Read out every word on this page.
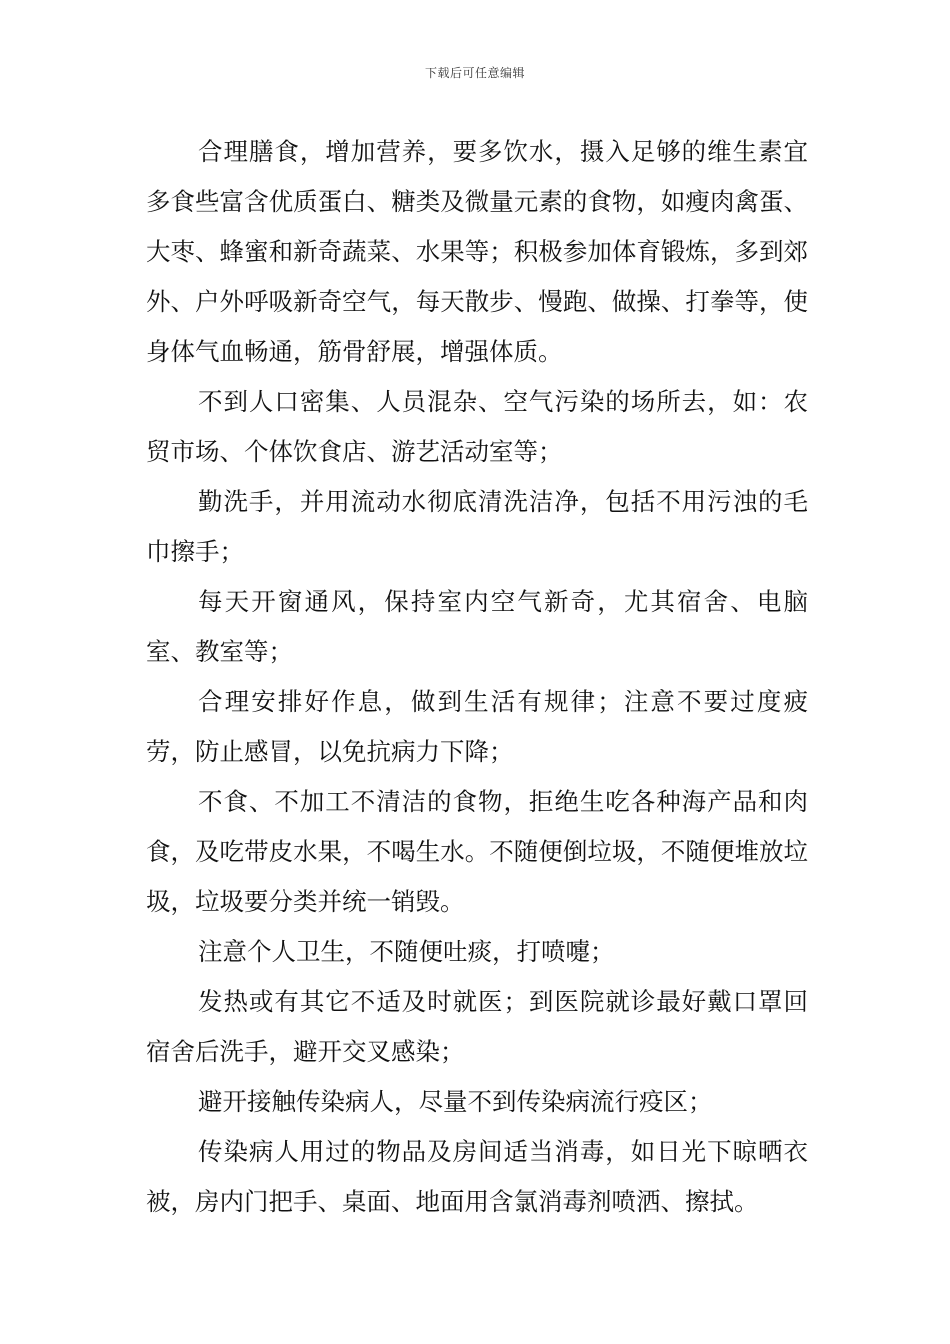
下载后可任意编辑

合理膳食，增加营养，要多饮水，摄入足够的维生素宜多食些富含优质蛋白、糖类及微量元素的食物，如瘦肉禽蛋、大枣、蜂蜜和新奇蔬菜、水果等；积极参加体育锻炼，多到郊外、户外呼吸新奇空气，每天散步、慢跑、做操、打拳等，使身体气血畅通，筋骨舒展，增强体质。

不到人口密集、人员混杂、空气污染的场所去，如：农贸市场、个体饮食店、游艺活动室等；

勤洗手，并用流动水彻底清洗洁净，包括不用污浊的毛巾擦手；

每天开窗通风，保持室内空气新奇，尤其宿舍、电脑室、教室等；

合理安排好作息，做到生活有规律；注意不要过度疲劳，防止感冒，以免抗病力下降；

不食、不加工不清洁的食物，拒绝生吃各种海产品和肉食，及吃带皮水果，不喝生水。不随便倒垃圾，不随便堆放垃圾，垃圾要分类并统一销毁。

注意个人卫生，不随便吐痰，打喷嚏；

发热或有其它不适及时就医；到医院就诊最好戴口罩回宿舍后洗手，避开交叉感染；

避开接触传染病人，尽量不到传染病流行疫区；

传染病人用过的物品及房间适当消毒，如日光下晾晒衣被，房内门把手、桌面、地面用含氯消毒剂喷洒、擦拭。
